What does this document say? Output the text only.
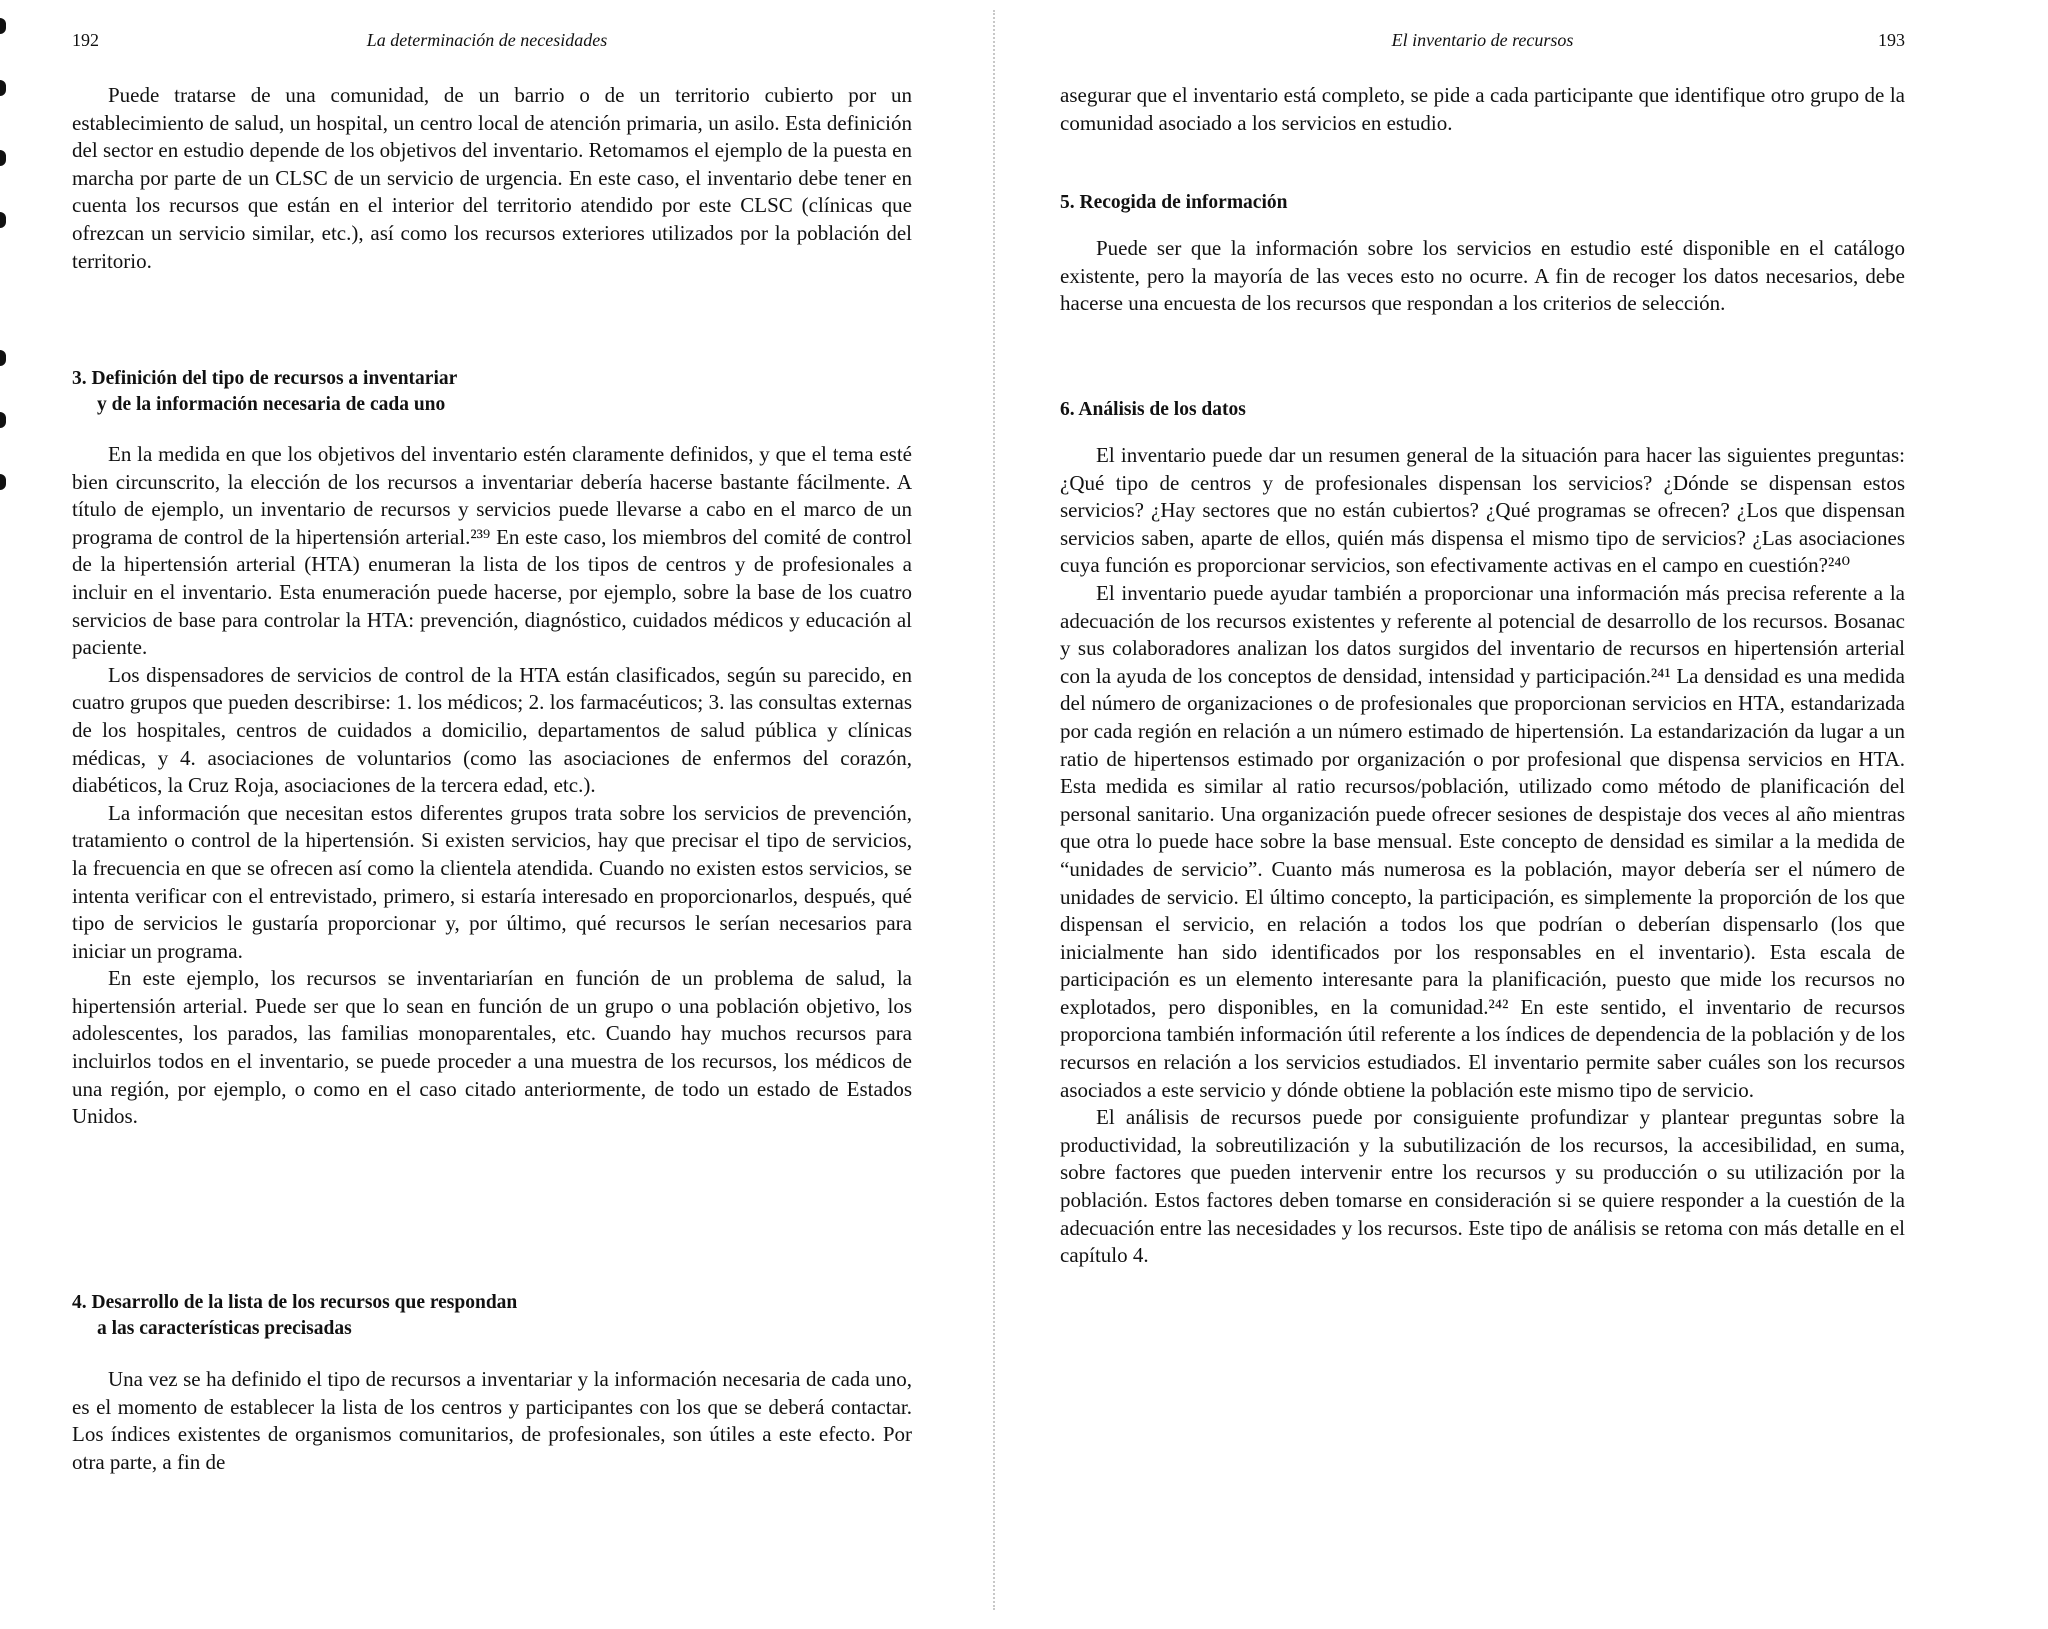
192	La determinación de necesidades

Puede tratarse de una comunidad, de un barrio o de un territorio cubierto por un establecimiento de salud, un hospital, un centro local de atención primaria, un asilo. Esta definición del sector en estudio depende de los objetivos del inventario. Retomamos el ejemplo de la puesta en marcha por parte de un CLSC de un servicio de urgencia. En este caso, el inventario debe tener en cuenta los recursos que están en el interior del territorio atendido por este CLSC (clínicas que ofrezcan un servicio similar, etc.), así como los recursos exteriores utilizados por la población del territorio.

3. Definición del tipo de recursos a inventariar
y de la información necesaria de cada uno

En la medida en que los objetivos del inventario estén claramente definidos, y que el tema esté bien circunscrito, la elección de los recursos a inventariar debería hacerse bastante fácilmente. A título de ejemplo, un inventario de recursos y servicios puede llevarse a cabo en el marco de un programa de control de la hipertensión arterial.²³⁹ En este caso, los miembros del comité de control de la hipertensión arterial (HTA) enumeran la lista de los tipos de centros y de profesionales a incluir en el inventario. Esta enumeración puede hacerse, por ejemplo, sobre la base de los cuatro servicios de base para controlar la HTA: prevención, diagnóstico, cuidados médicos y educación al paciente.

Los dispensadores de servicios de control de la HTA están clasificados, según su parecido, en cuatro grupos que pueden describirse: 1. los médicos; 2. los farmacéuticos; 3. las consultas externas de los hospitales, centros de cuidados a domicilio, departamentos de salud pública y clínicas médicas, y 4. asociaciones de voluntarios (como las asociaciones de enfermos del corazón, diabéticos, la Cruz Roja, asociaciones de la tercera edad, etc.).

La información que necesitan estos diferentes grupos trata sobre los servicios de prevención, tratamiento o control de la hipertensión. Si existen servicios, hay que precisar el tipo de servicios, la frecuencia en que se ofrecen así como la clientela atendida. Cuando no existen estos servicios, se intenta verificar con el entrevistado, primero, si estaría interesado en proporcionarlos, después, qué tipo de servicios le gustaría proporcionar y, por último, qué recursos le serían necesarios para iniciar un programa.

En este ejemplo, los recursos se inventariarían en función de un problema de salud, la hipertensión arterial. Puede ser que lo sean en función de un grupo o una población objetivo, los adolescentes, los parados, las familias monoparentales, etc. Cuando hay muchos recursos para incluirlos todos en el inventario, se puede proceder a una muestra de los recursos, los médicos de una región, por ejemplo, o como en el caso citado anteriormente, de todo un estado de Estados Unidos.

4. Desarrollo de la lista de los recursos que respondan
a las características precisadas

Una vez se ha definido el tipo de recursos a inventariar y la información necesaria de cada uno, es el momento de establecer la lista de los centros y participantes con los que se deberá contactar. Los índices existentes de organismos comunitarios, de profesionales, son útiles a este efecto. Por otra parte, a fin de

El inventario de recursos	193

asegurar que el inventario está completo, se pide a cada participante que identifique otro grupo de la comunidad asociado a los servicios en estudio.

5. Recogida de información

Puede ser que la información sobre los servicios en estudio esté disponible en el catálogo existente, pero la mayoría de las veces esto no ocurre. A fin de recoger los datos necesarios, debe hacerse una encuesta de los recursos que respondan a los criterios de selección.

6. Análisis de los datos

El inventario puede dar un resumen general de la situación para hacer las siguientes preguntas: ¿Qué tipo de centros y de profesionales dispensan los servicios? ¿Dónde se dispensan estos servicios? ¿Hay sectores que no están cubiertos? ¿Qué programas se ofrecen? ¿Los que dispensan servicios saben, aparte de ellos, quién más dispensa el mismo tipo de servicios? ¿Las asociaciones cuya función es proporcionar servicios, son efectivamente activas en el campo en cuestión?²⁴⁰

El inventario puede ayudar también a proporcionar una información más precisa referente a la adecuación de los recursos existentes y referente al potencial de desarrollo de los recursos. Bosanac y sus colaboradores analizan los datos surgidos del inventario de recursos en hipertensión arterial con la ayuda de los conceptos de densidad, intensidad y participación.²⁴¹ La densidad es una medida del número de organizaciones o de profesionales que proporcionan servicios en HTA, estandarizada por cada región en relación a un número estimado de hipertensión. La estandarización da lugar a un ratio de hipertensos estimado por organización o por profesional que dispensa servicios en HTA. Esta medida es similar al ratio recursos/población, utilizado como método de planificación del personal sanitario. Una organización puede ofrecer sesiones de despistaje dos veces al año mientras que otra lo puede hace sobre la base mensual. Este concepto de densidad es similar a la medida de “unidades de servicio”. Cuanto más numerosa es la población, mayor debería ser el número de unidades de servicio. El último concepto, la participación, es simplemente la proporción de los que dispensan el servicio, en relación a todos los que podrían o deberían dispensarlo (los que inicialmente han sido identificados por los responsables en el inventario). Esta escala de participación es un elemento interesante para la planificación, puesto que mide los recursos no explotados, pero disponibles, en la comunidad.²⁴² En este sentido, el inventario de recursos proporciona también información útil referente a los índices de dependencia de la población y de los recursos en relación a los servicios estudiados. El inventario permite saber cuáles son los recursos asociados a este servicio y dónde obtiene la población este mismo tipo de servicio.

El análisis de recursos puede por consiguiente profundizar y plantear preguntas sobre la productividad, la sobreutilización y la subutilización de los recursos, la accesibilidad, en suma, sobre factores que pueden intervenir entre los recursos y su producción o su utilización por la población. Estos factores deben tomarse en consideración si se quiere responder a la cuestión de la adecuación entre las necesidades y los recursos. Este tipo de análisis se retoma con más detalle en el capítulo 4.
